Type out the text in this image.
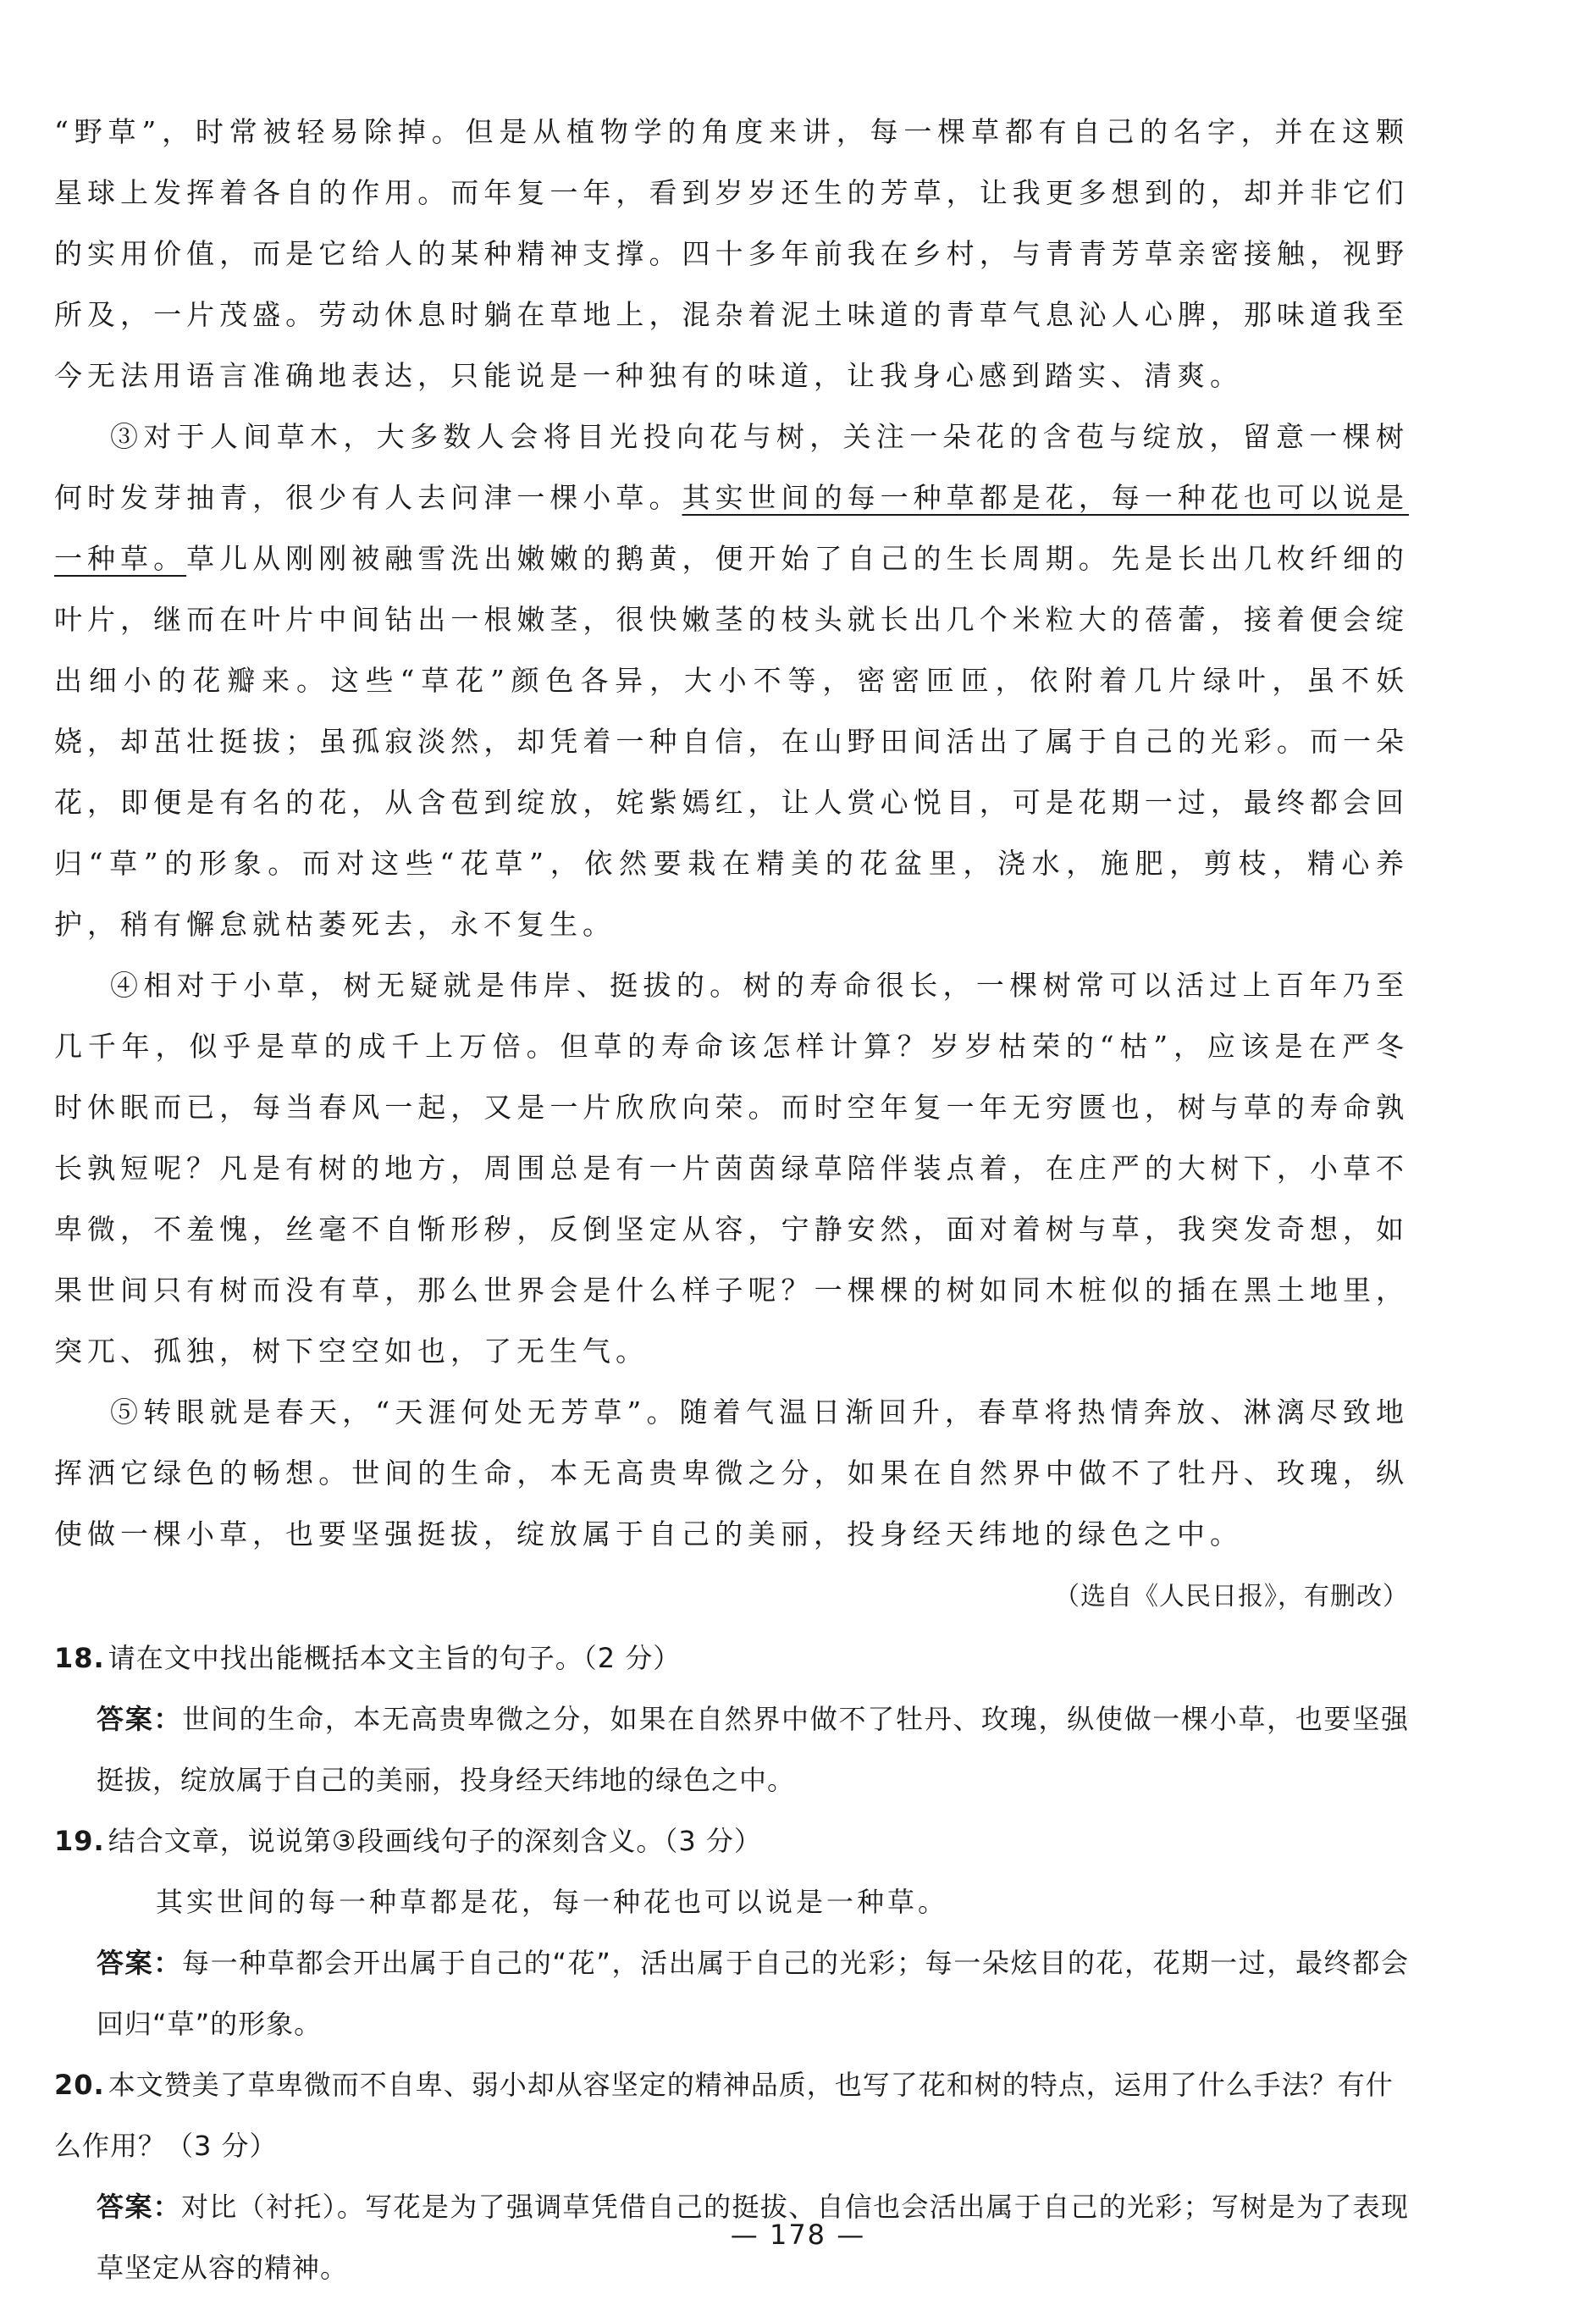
“野草”，时常被轻易除掉。但是从植物学的角度来讲，每一棵草都有自己的名字，并在这颗星球上发挥着各自的作用。而年复一年，看到岁岁还生的芳草，让我更多想到的，却并非它们的实用价值，而是它给人的某种精神支撑。四十多年前我在乡村，与青青芳草亲密接触，视野所及，一片茂盛。劳动休息时躺在草地上，混杂着泥土味道的青草气息沁人心脾，那味道我至今无法用语言准确地表达，只能说是一种独有的味道，让我身心感到踏实、清爽。

③对于人间草木，大多数人会将目光投向花与树，关注一朵花的含苞与绽放，留意一棵树何时发芽抽青，很少有人去问津一棵小草。其实世间的每一种草都是花，每一种花也可以说是一种草。草儿从刚刚被融雪洗出嫩嫩的鹅黄，便开始了自己的生长周期。先是长出几枚纤细的叶片，继而在叶片中间钻出一根嫩茎，很快嫩茎的枝头就长出几个米粒大的蓓蕾，接着便会绽出细小的花瓣来。这些“草花”颜色各异，大小不等，密密匝匝，依附着几片绿叶，虽不妖娆，却茁壮挺拔；虽孤寂淡然，却凭着一种自信，在山野田间活出了属于自己的光彩。而一朵花，即便是有名的花，从含苞到绽放，姹紫嫣红，让人赏心悦目，可是花期一过，最终都会回归“草”的形象。而对这些“花草”，依然要栽在精美的花盆里，浇水，施肥，剪枝，精心养护，稍有懈怠就枯萎死去，永不复生。

④相对于小草，树无疑就是伟岸、挺拔的。树的寿命很长，一棵树常可以活过上百年乃至几千年，似乎是草的成千上万倍。但草的寿命该怎样计算？岁岁枯荣的“枯”，应该是在严冬时休眠而已，每当春风一起，又是一片欣欣向荣。而时空年复一年无穷匮也，树与草的寿命孰长孰短呢？凡是有树的地方，周围总是有一片茵茵绿草陪伴装点着，在庄严的大树下，小草不卑微，不羞愧，丝毫不自惭形秽，反倒坚定从容，宁静安然，面对着树与草，我突发奇想，如果世间只有树而没有草，那么世界会是什么样子呢？一棵棵的树如同木桩似的插在黑土地里，突兀、孤独，树下空空如也，了无生气。

⑤转眼就是春天，“天涯何处无芳草”。随着气温日渐回升，春草将热情奔放、淋漓尽致地挥洒它绿色的畅想。世间的生命，本无高贵卑微之分，如果在自然界中做不了牡丹、玫瑰，纵使做一棵小草，也要坚强挺拔，绽放属于自己的美丽，投身经天纬地的绿色之中。

（选自《人民日报》，有删改）

18. 请在文中找出能概括本文主旨的句子。（2 分）

答案：世间的生命，本无高贵卑微之分，如果在自然界中做不了牡丹、玫瑰，纵使做一棵小草，也要坚强挺拔，绽放属于自己的美丽，投身经天纬地的绿色之中。

19. 结合文章，说说第③段画线句子的深刻含义。（3 分）

其实世间的每一种草都是花，每一种花也可以说是一种草。

答案：每一种草都会开出属于自己的“花”，活出属于自己的光彩；每一朵炫目的花，花期一过，最终都会回归“草”的形象。

20. 本文赞美了草卑微而不自卑、弱小却从容坚定的精神品质，也写了花和树的特点，运用了什么手法？有什么作用？（3 分）

答案：对比（衬托）。写花是为了强调草凭借自己的挺拔、自信也会活出属于自己的光彩；写树是为了表现草坚定从容的精神。

— 178 —
